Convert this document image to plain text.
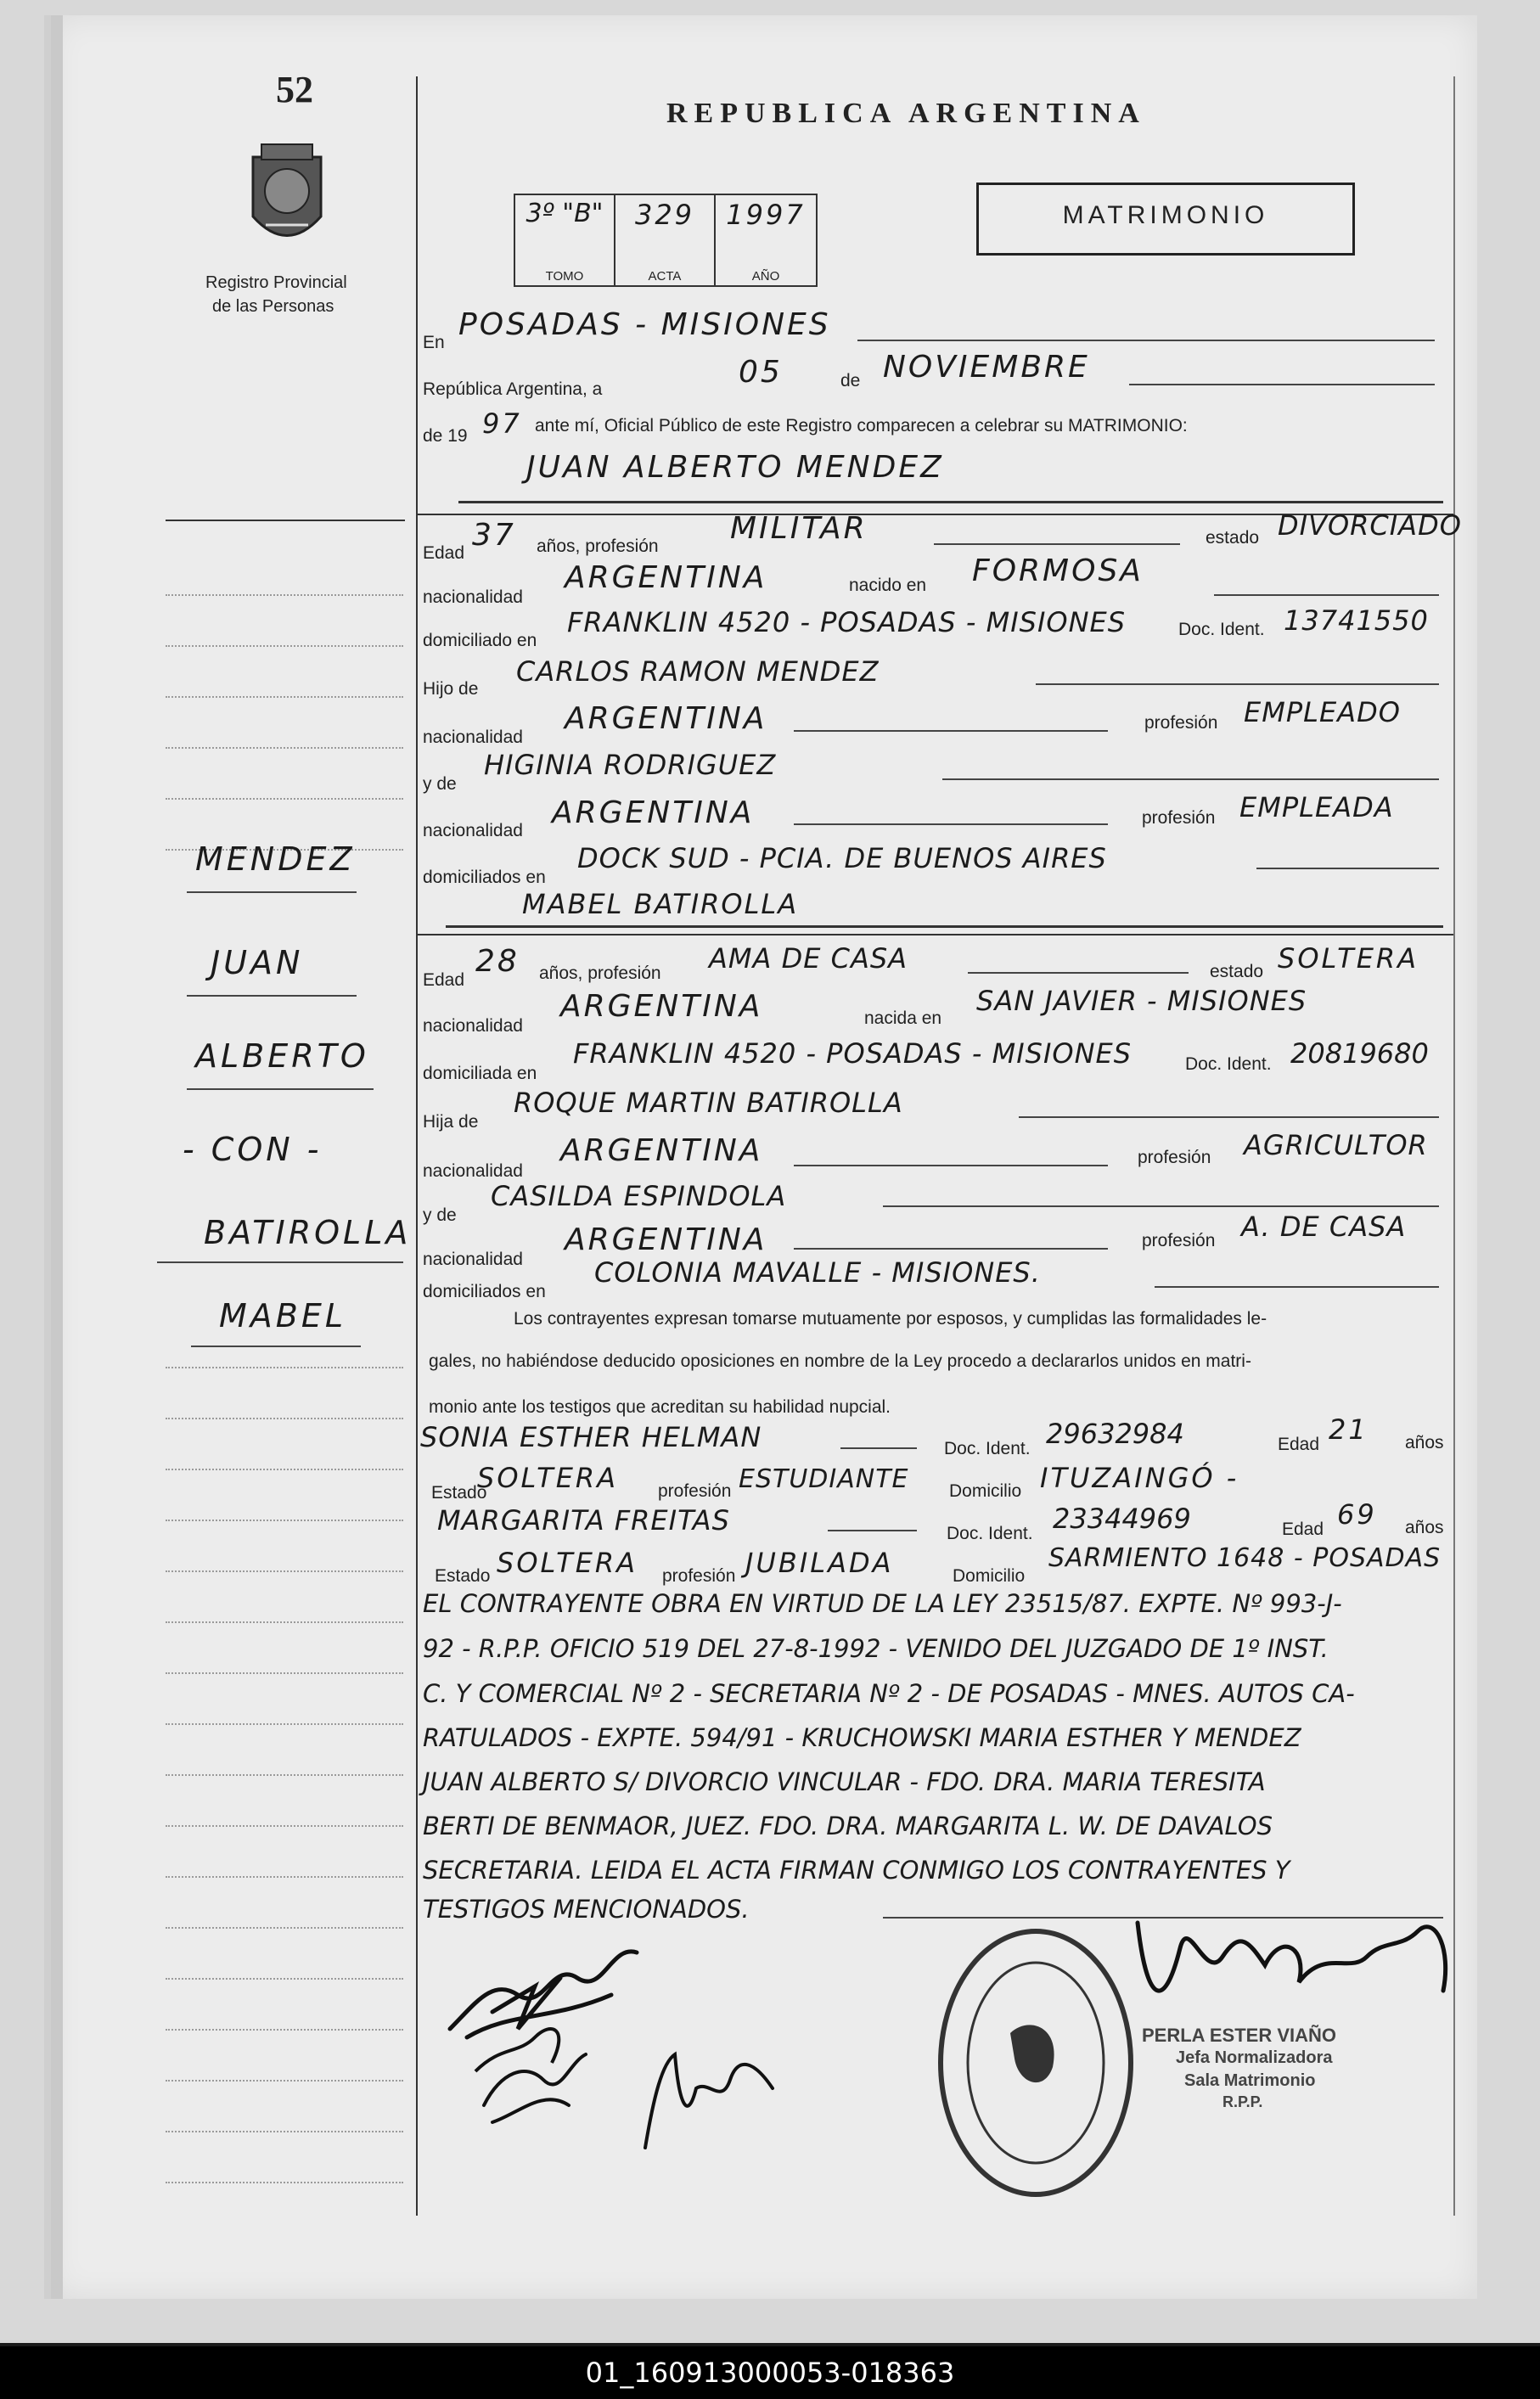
52
Registro Provincial
de las Personas
REPUBLICA ARGENTINA
MATRIMONIO
3º "B"
TOMO
329
ACTA
1997
AÑO
En
POSADAS - MISIONES
República Argentina, a	05	de NOVIEMBRE
de 19 97 ante mí, Oficial Público de este Registro comparecen a celebrar su MATRIMONIO:
JUAN ALBERTO MENDEZ
Edad
37 años, profesión
MILITAR	estado DIVORCIADO
nacionalidad
ARGENTINA	nacido en FORMOSA
domiciliado en
FRANKLIN 4520 - POSADAS - MISIONES	Doc. Ident. 13741550
Hijo de
CARLOS RAMON MENDEZ
nacionalidad
ARGENTINA	profesión EMPLEADO
y de
HIGINIA RODRIGUEZ
nacionalidad
ARGENTINA	profesión EMPLEADA
domiciliados en
DOCK SUD - PCIA. DE BUENOS AIRES
MABEL BATIROLLA
Edad
28 años, profesión AMA DE CASA	estado SOLTERA
nacionalidad
ARGENTINA	nacida en
SAN JAVIER - MISIONES
domiciliada en
FRANKLIN 4520 - POSADAS - MISIONES	Doc. Ident. 20819680
Hija de
ROQUE MARTIN BATIROLLA
nacionalidad
ARGENTINA	profesión AGRICULTOR
y de
CASILDA ESPINDOLA
nacionalidad
ARGENTINA	profesión A. DE CASA
domiciliados en
COLONIA MAVALLE - MISIONES.
Los contrayentes expresan tomarse mutuamente por esposos, y cumplidas las formalidades le-
gales, no habiéndose deducido oposiciones en nombre de la Ley procedo a declararlos unidos en matri-
monio ante los testigos que acreditan su habilidad nupcial.
SONIA ESTHER HELMAN	Doc. Ident. 29632984	Edad 21 años
Estado
SOLTERA profesión ESTUDIANTE Domicilio ITUZAINGÓ -
MARGARITA FREITAS	Doc. Ident. 23344969	Edad 69 años
Estado SOLTERA profesión JUBILADA	Domicilio
SARMIENTO 1648 - POSADAS
EL CONTRAYENTE OBRA EN VIRTUD DE LA LEY 23515/87. EXPTE. Nº 993-J-
92 - R.P.P. OFICIO 519 DEL 27-8-1992 - VENIDO DEL JUZGADO DE 1º INST.
C. Y COMERCIAL Nº 2 - SECRETARIA Nº 2 - DE POSADAS - MNES. AUTOS CA-
RATULADOS - EXPTE. 594/91 - KRUCHOWSKI MARIA ESTHER Y MENDEZ
JUAN ALBERTO S/ DIVORCIO VINCULAR - FDO. DRA. MARIA TERESITA
BERTI DE BENMAOR, JUEZ. FDO. DRA. MARGARITA L. W. DE DAVALOS
SECRETARIA. LEIDA EL ACTA FIRMAN CONMIGO LOS CONTRAYENTES Y
TESTIGOS MENCIONADOS.
MENDEZ
JUAN
ALBERTO
- CON -
BATIROLLA
MABEL
PERLA ESTER VIAÑO
Jefa Normalizadora
Sala Matrimonio
R.P.P.
01_160913000053-018363
